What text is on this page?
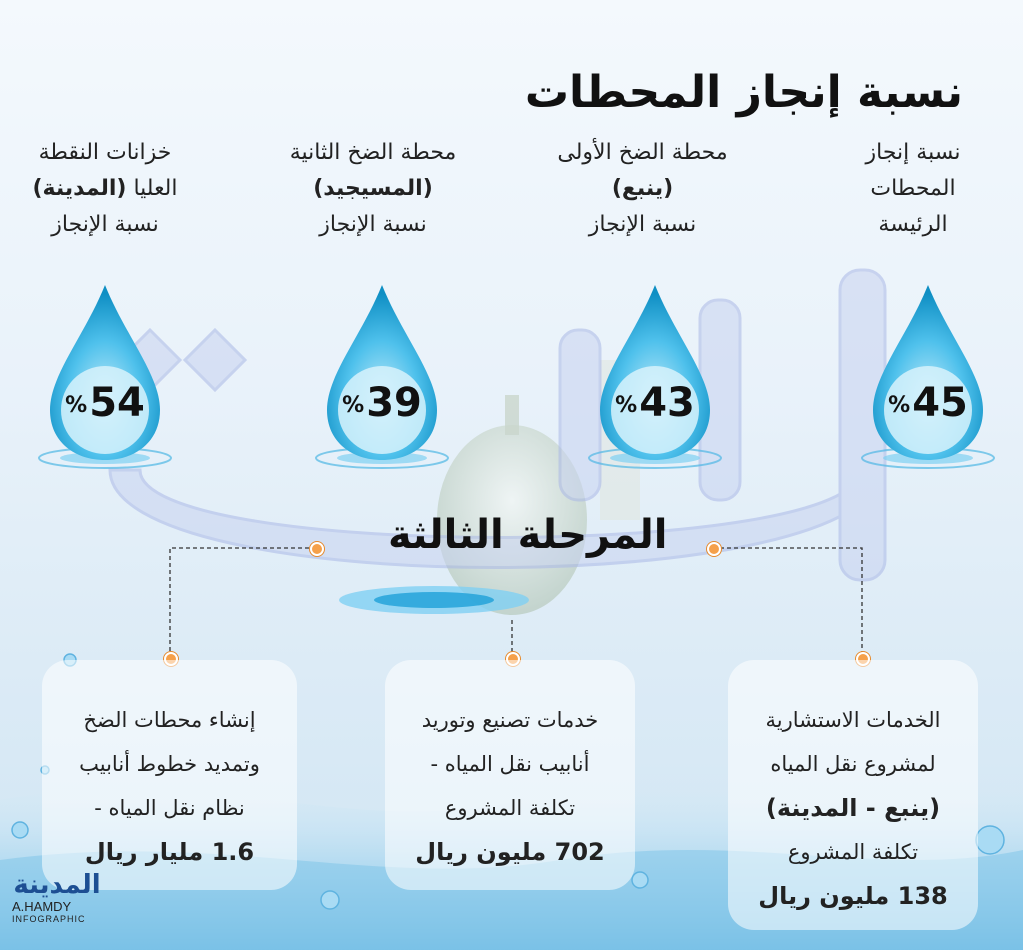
نسبة إنجاز المحطات
نسبة إنجاز
المحطات
الرئيسة
محطة الضخ الأولى
(ينبع)
نسبة الإنجاز
محطة الضخ الثانية
(المسيجيد)
نسبة الإنجاز
خزانات النقطة
العليا (المدينة)
نسبة الإنجاز
%45
%43
%39
%54
المرحلة الثالثة
الخدمات الاستشارية
لمشروع نقل المياه
(ينبع - المدينة)
تكلفة المشروع
138 مليون ريال
خدمات تصنيع وتوريد
أنابيب نقل المياه -
تكلفة المشروع
702 مليون ريال
إنشاء محطات الضخ
وتمديد خطوط أنابيب
نظام نقل المياه -
1.6 مليار ريال
المدينة
A.HAMDY
INFOGRAPHIC
